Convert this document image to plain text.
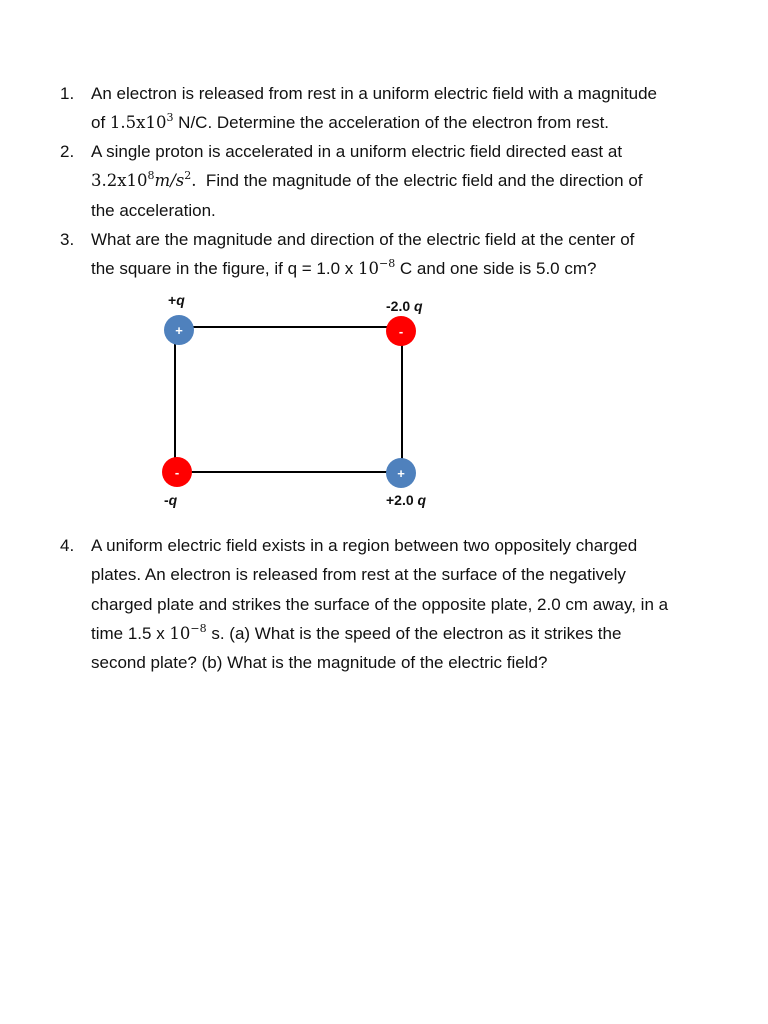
1. An electron is released from rest in a uniform electric field with a magnitude
of $1.5x10^3$ N/C. Determine the acceleration of the electron from rest.
2. A single proton is accelerated in a uniform electric field directed east at
$3.2x10^8m/s^2$.  Find the magnitude of the electric field and the direction of
the acceleration.
3. What are the magnitude and direction of the electric field at the center of
the square in the figure, if q = 1.0 x $10^{-8}$ C and one side is 5.0 cm?
+q	-2.0 q
-q	+2.0 q
+	-
-	+
4. A uniform electric field exists in a region between two oppositely charged
plates. An electron is released from rest at the surface of the negatively
charged plate and strikes the surface of the opposite plate, 2.0 cm away, in a
time 1.5 x $10^{-8}$ s. (a) What is the speed of the electron as it strikes the
second plate? (b) What is the magnitude of the electric field?
